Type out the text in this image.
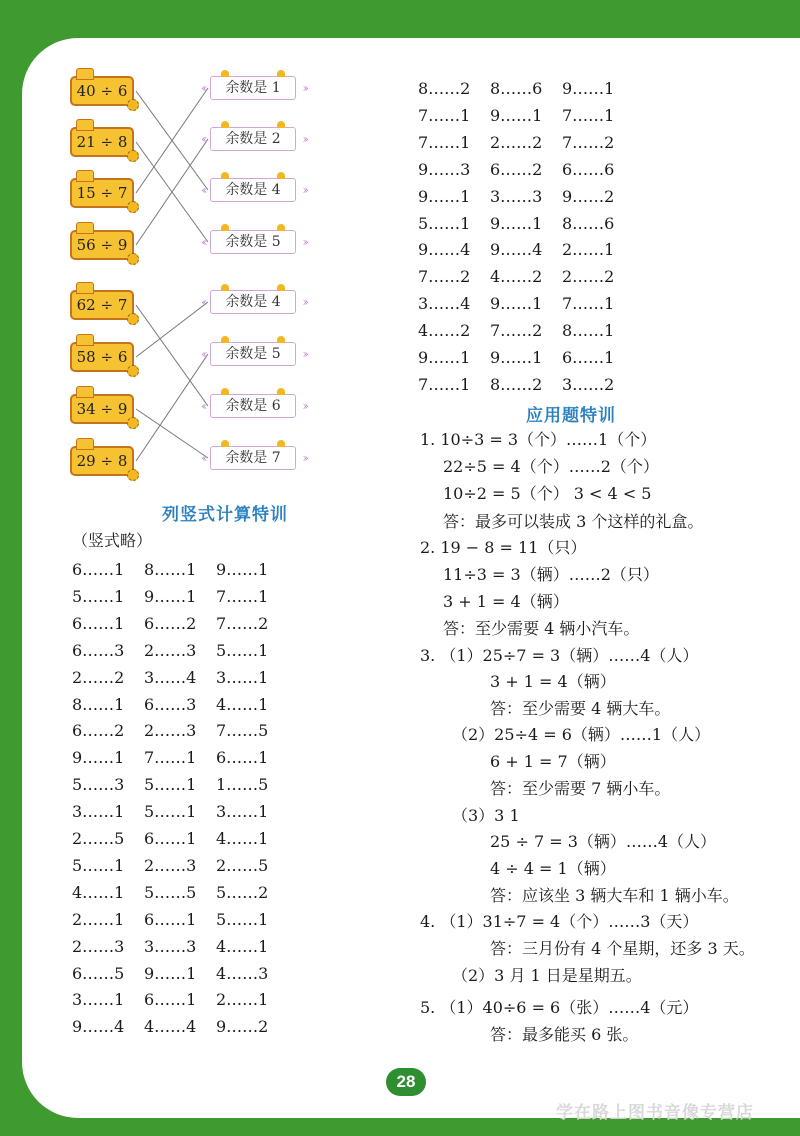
40 ÷ 6
21 ÷ 8
15 ÷ 7
56 ÷ 9
‹‹ 余数是 1 ››
‹‹ 余数是 2 ››
‹‹ 余数是 4 ››
‹‹ 余数是 5 ››
62 ÷ 7
58 ÷ 6
34 ÷ 9
29 ÷ 8
‹‹ 余数是 4 ››
‹‹ 余数是 5 ››
‹‹ 余数是 6 ››
‹‹ 余数是 7 ››
列竖式计算特训
（竖式略）
6……1 8……1 9……1
5……1 9……1 7……1
6……1 6……2 7……2
6……3 2……3 5……1
2……2 3……4 3……1
8……1 6……3 4……1
6……2 2……3 7……5
9……1 7……1 6……1
5……3 5……1 1……5
3……1 5……1 3……1
2……5 6……1 4……1
5……1 2……3 2……5
4……1 5……5 5……2
2……1 6……1 5……1
2……3 3……3 4……1
6……5 9……1 4……3
3……1 6……1 2……1
9……4 4……4 9……2
8……2 8……6 9……1
7……1 9……1 7……1
7……1 2……2 7……2
9……3 6……2 6……6
9……1 3……3 9……2
5……1 9……1 8……6
9……4 9……4 2……1
7……2 4……2 2……2
3……4 9……1 7……1
4……2 7……2 8……1
9……1 9……1 6……1
7……1 8……2 3……2
应用题特训
1. 10÷3 = 3（个）……1（个）
22÷5 = 4（个）……2（个）
10÷2 = 5（个） 3 < 4 < 5
答：最多可以装成 3 个这样的礼盒。
2. 19 − 8 = 11（只）
11÷3 = 3（辆）……2（只）
3 + 1 = 4（辆）
答：至少需要 4 辆小汽车。
3. （1）25÷7 = 3（辆）……4（人）
3 + 1 = 4（辆）
答：至少需要 4 辆大车。
（2）25÷4 = 6（辆）……1（人）
6 + 1 = 7（辆）
答：至少需要 7 辆小车。
（3）3 1
25 ÷ 7 = 3（辆）……4（人）
4 ÷ 4 = 1（辆）
答：应该坐 3 辆大车和 1 辆小车。
4. （1）31÷7 = 4（个）……3（天）
答：三月份有 4 个星期，还多 3 天。
（2）3 月 1 日是星期五。
5. （1）40÷6 = 6（张）……4（元）
答：最多能买 6 张。
28
学在路上图书音像专营店
